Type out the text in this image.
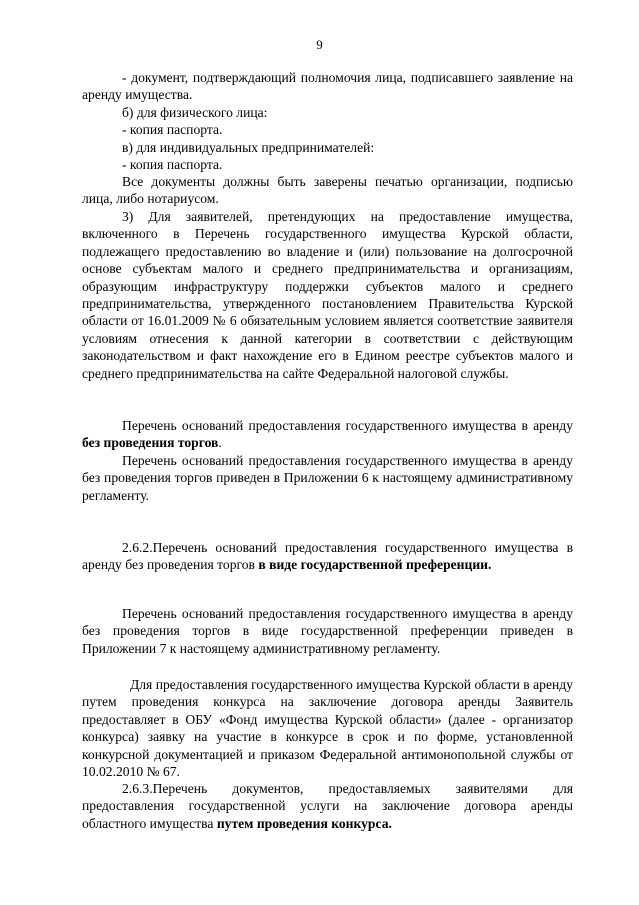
9
- документ, подтверждающий полномочия лица, подписавшего заявление на аренду имущества.
б) для физического лица:
- копия паспорта.
в) для индивидуальных предпринимателей:
- копия паспорта.
Все документы должны быть заверены печатью организации, подписью лица, либо нотариусом.
3) Для заявителей, претендующих на предоставление имущества, включенного в Перечень государственного имущества Курской области, подлежащего предоставлению во владение и (или) пользование на долгосрочной основе субъектам малого и среднего предпринимательства и организациям, образующим инфраструктуру поддержки субъектов малого и среднего предпринимательства, утвержденного постановлением Правительства Курской области от 16.01.2009 № 6 обязательным условием является соответствие заявителя условиям отнесения к данной категории в соответствии с действующим законодательством и факт нахождение его в Едином реестре субъектов малого и среднего предпринимательства на сайте Федеральной налоговой службы.
Перечень оснований предоставления государственного имущества в аренду без проведения торгов.
Перечень оснований предоставления государственного имущества в аренду без проведения торгов приведен в Приложении 6 к настоящему административному регламенту.
2.6.2.Перечень оснований предоставления государственного имущества в аренду без проведения торгов в виде государственной преференции.
Перечень оснований предоставления государственного имущества в аренду без проведения торгов в виде государственной преференции приведен в Приложении 7 к настоящему административному регламенту.
Для предоставления государственного имущества Курской области в аренду путем проведения конкурса на заключение договора аренды Заявитель предоставляет в ОБУ «Фонд имущества Курской области» (далее - организатор конкурса) заявку на участие в конкурсе в срок и по форме, установленной конкурсной документацией и приказом Федеральной антимонопольной службы от 10.02.2010 № 67.
2.6.3.Перечень документов, предоставляемых заявителями для предоставления государственной услуги на заключение договора аренды областного имущества путем проведения конкурса.
